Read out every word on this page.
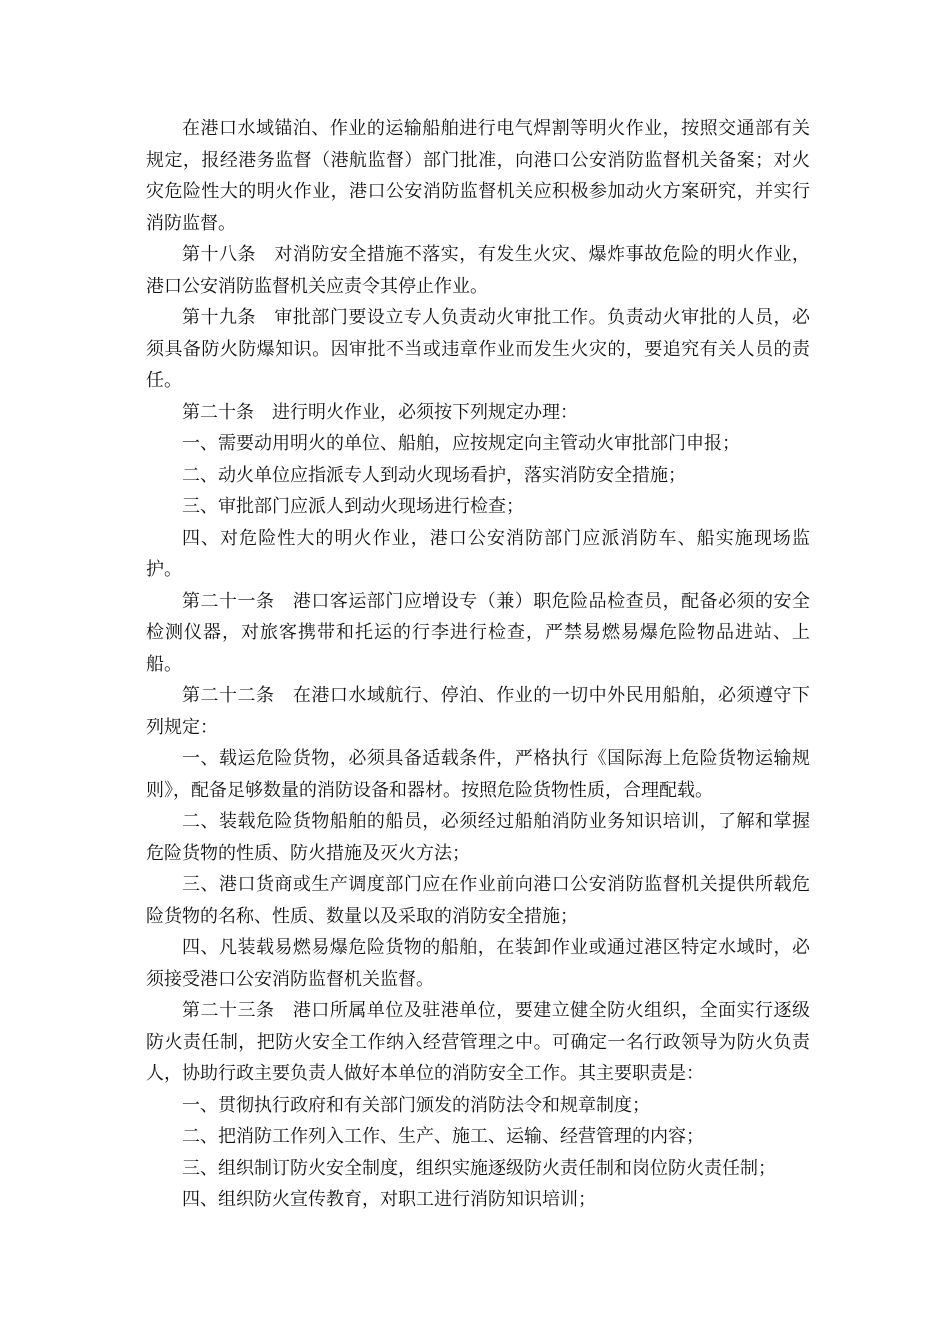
在港口水域锚泊、作业的运输船舶进行电气焊割等明火作业，按照交通部有关规定，报经港务监督（港航监督）部门批准，向港口公安消防监督机关备案；对火灾危险性大的明火作业，港口公安消防监督机关应积极参加动火方案研究，并实行消防监督。

第十八条　对消防安全措施不落实，有发生火灾、爆炸事故危险的明火作业，港口公安消防监督机关应责令其停止作业。

第十九条　审批部门要设立专人负责动火审批工作。负责动火审批的人员，必须具备防火防爆知识。因审批不当或违章作业而发生火灾的，要追究有关人员的责任。

第二十条　进行明火作业，必须按下列规定办理：

一、需要动用明火的单位、船舶，应按规定向主管动火审批部门申报；

二、动火单位应指派专人到动火现场看护，落实消防安全措施；

三、审批部门应派人到动火现场进行检查；

四、对危险性大的明火作业，港口公安消防部门应派消防车、船实施现场监护。

第二十一条　港口客运部门应增设专（兼）职危险品检查员，配备必须的安全检测仪器，对旅客携带和托运的行李进行检查，严禁易燃易爆危险物品进站、上船。

第二十二条　在港口水域航行、停泊、作业的一切中外民用船舶，必须遵守下列规定：

一、载运危险货物，必须具备适载条件，严格执行《国际海上危险货物运输规则》，配备足够数量的消防设备和器材。按照危险货物性质，合理配载。

二、装载危险货物船舶的船员，必须经过船舶消防业务知识培训，了解和掌握危险货物的性质、防火措施及灭火方法；

三、港口货商或生产调度部门应在作业前向港口公安消防监督机关提供所载危险货物的名称、性质、数量以及采取的消防安全措施；

四、凡装载易燃易爆危险货物的船舶，在装卸作业或通过港区特定水域时，必须接受港口公安消防监督机关监督。

第二十三条　港口所属单位及驻港单位，要建立健全防火组织，全面实行逐级防火责任制，把防火安全工作纳入经营管理之中。可确定一名行政领导为防火负责人，协助行政主要负责人做好本单位的消防安全工作。其主要职责是：

一、贯彻执行政府和有关部门颁发的消防法令和规章制度；

二、把消防工作列入工作、生产、施工、运输、经营管理的内容；

三、组织制订防火安全制度，组织实施逐级防火责任制和岗位防火责任制；

四、组织防火宣传教育，对职工进行消防知识培训；
